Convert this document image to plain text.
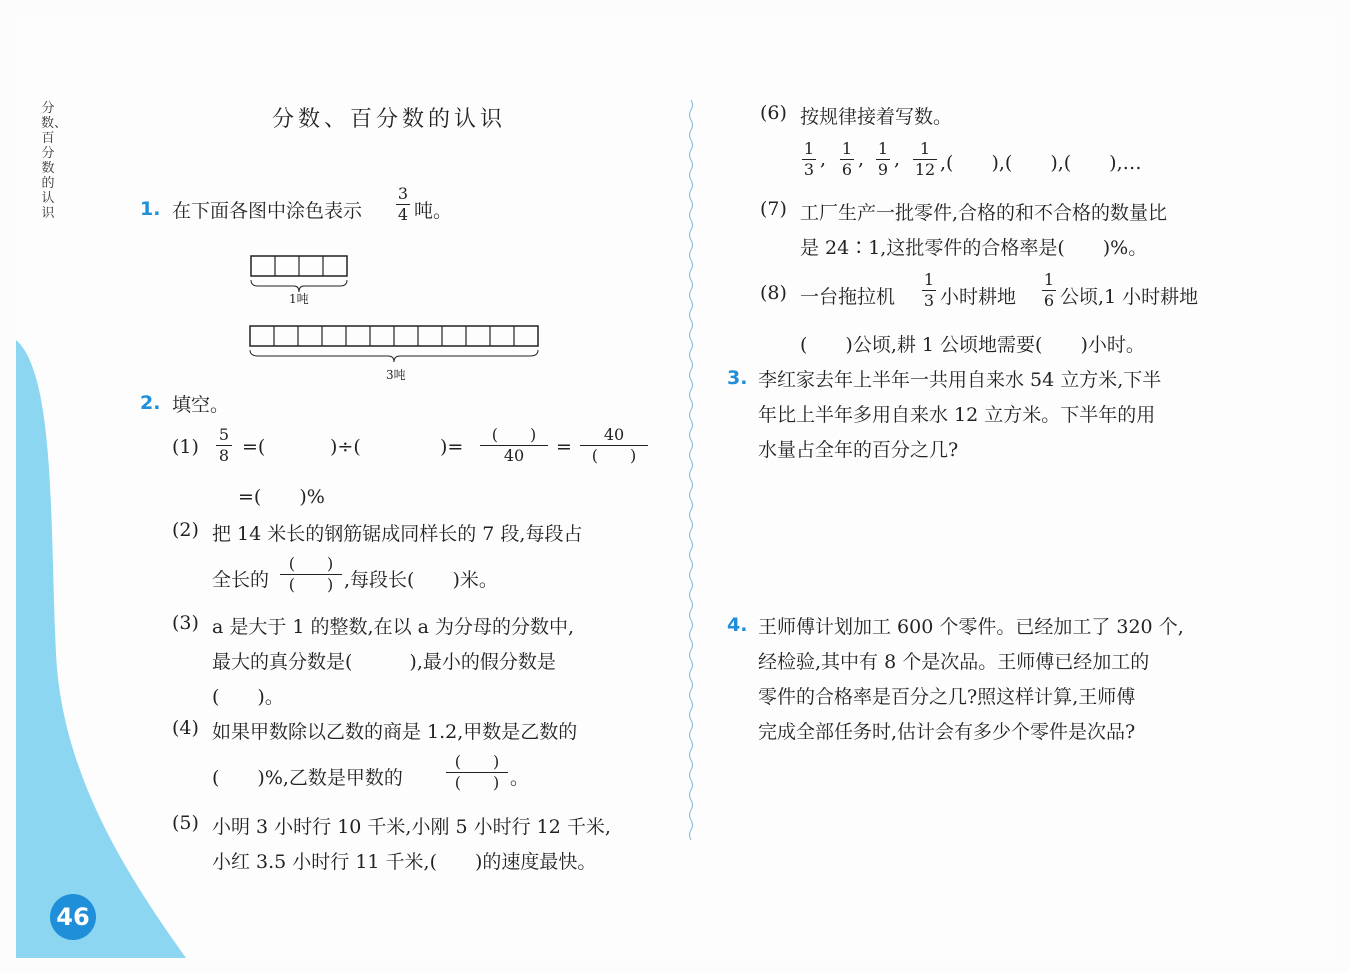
分数、百分数的认识
46
分数、百分数的认识
1. 在下面各图中涂色表示
3
4 吨。
1吨
3吨
2. 填空。
(1)
5
8 =(	)÷(	)=
(　　)
40	=
40
(　　)
=(　　)%
(2) 把 14 米长的钢筋锯成同样长的 7 段,每段占
全长的
(　　)
(　　) ,每段长(　　)米。
(3) a 是大于 1 的整数,在以 a 为分母的分数中,
最大的真分数是(　　　),最小的假分数是
(　　)。
(4) 如果甲数除以乙数的商是 1.2,甲数是乙数的
(　　)%,乙数是甲数的
(　　)
(　　) 。
(5) 小明 3 小时行 10 千米,小刚 5 小时行 12 千米,
小红 3.5 小时行 11 千米,(　　)的速度最快。
(6) 按规律接着写数。
1
3 , 1
6 , 1
9 ,	1
12 ,(　　),(　　),(　　),…
(7) 工厂生产一批零件,合格的和不合格的数量比
是 24∶1,这批零件的合格率是(　　)%。
(8) 一台拖拉机
1
3 小时耕地
1
6 公顷,1 小时耕地
(　　)公顷,耕 1 公顷地需要(　　)小时。
3. 李红家去年上半年一共用自来水 54 立方米,下半
年比上半年多用自来水 12 立方米。下半年的用
水量占全年的百分之几?
4. 王师傅计划加工 600 个零件。已经加工了 320 个,
经检验,其中有 8 个是次品。王师傅已经加工的
零件的合格率是百分之几?照这样计算,王师傅
完成全部任务时,估计会有多少个零件是次品?
